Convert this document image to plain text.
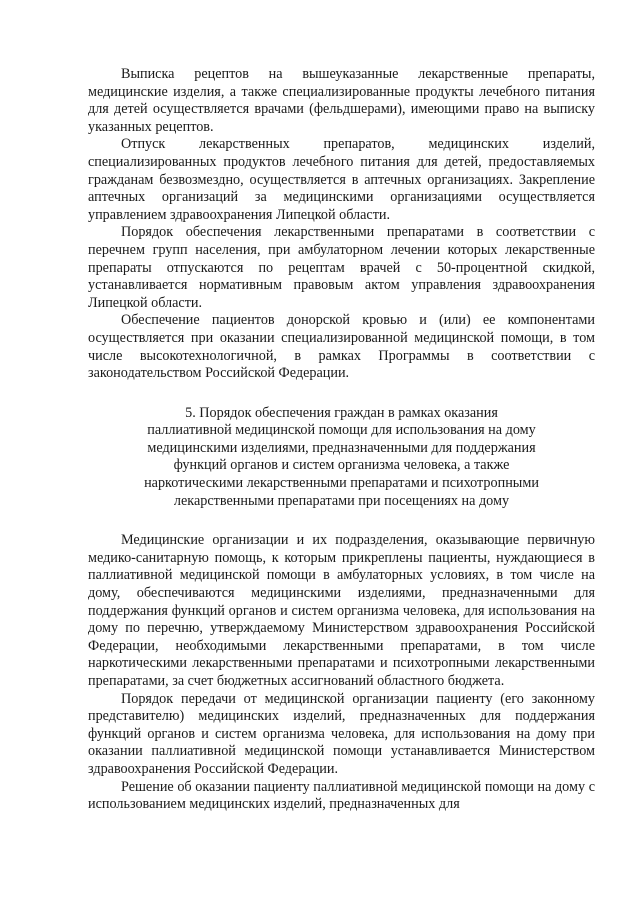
Выписка рецептов на вышеуказанные лекарственные препараты, медицинские изделия, а также специализированные продукты лечебного питания для детей осуществляется врачами (фельдшерами), имеющими право на выписку указанных рецептов.

Отпуск лекарственных препаратов, медицинских изделий, специализированных продуктов лечебного питания для детей, предоставляемых гражданам безвозмездно, осуществляется в аптечных организациях. Закрепление аптечных организаций за медицинскими организациями осуществляется управлением здравоохранения Липецкой области.

Порядок обеспечения лекарственными препаратами в соответствии с перечнем групп населения, при амбулаторном лечении которых лекарственные препараты отпускаются по рецептам врачей с 50-процентной скидкой, устанавливается нормативным правовым актом управления здравоохранения Липецкой области.

Обеспечение пациентов донорской кровью и (или) ее компонентами осуществляется при оказании специализированной медицинской помощи, в том числе высокотехнологичной, в рамках Программы в соответствии с законодательством Российской Федерации.

5. Порядок обеспечения граждан в рамках оказания
паллиативной медицинской помощи для использования на дому
медицинскими изделиями, предназначенными для поддержания
функций органов и систем организма человека, а также
наркотическими лекарственными препаратами и психотропными
лекарственными препаратами при посещениях на дому

Медицинские организации и их подразделения, оказывающие первичную медико-санитарную помощь, к которым прикреплены пациенты, нуждающиеся в паллиативной медицинской помощи в амбулаторных условиях, в том числе на дому, обеспечиваются медицинскими изделиями, предназначенными для поддержания функций органов и систем организма человека, для использования на дому по перечню, утверждаемому Министерством здравоохранения Российской Федерации, необходимыми лекарственными препаратами, в том числе наркотическими лекарственными препаратами и психотропными лекарственными препаратами, за счет бюджетных ассигнований областного бюджета.

Порядок передачи от медицинской организации пациенту (его законному представителю) медицинских изделий, предназначенных для поддержания функций органов и систем организма человека, для использования на дому при оказании паллиативной медицинской помощи устанавливается Министерством здравоохранения Российской Федерации.

Решение об оказании пациенту паллиативной медицинской помощи на дому с использованием медицинских изделий, предназначенных для
